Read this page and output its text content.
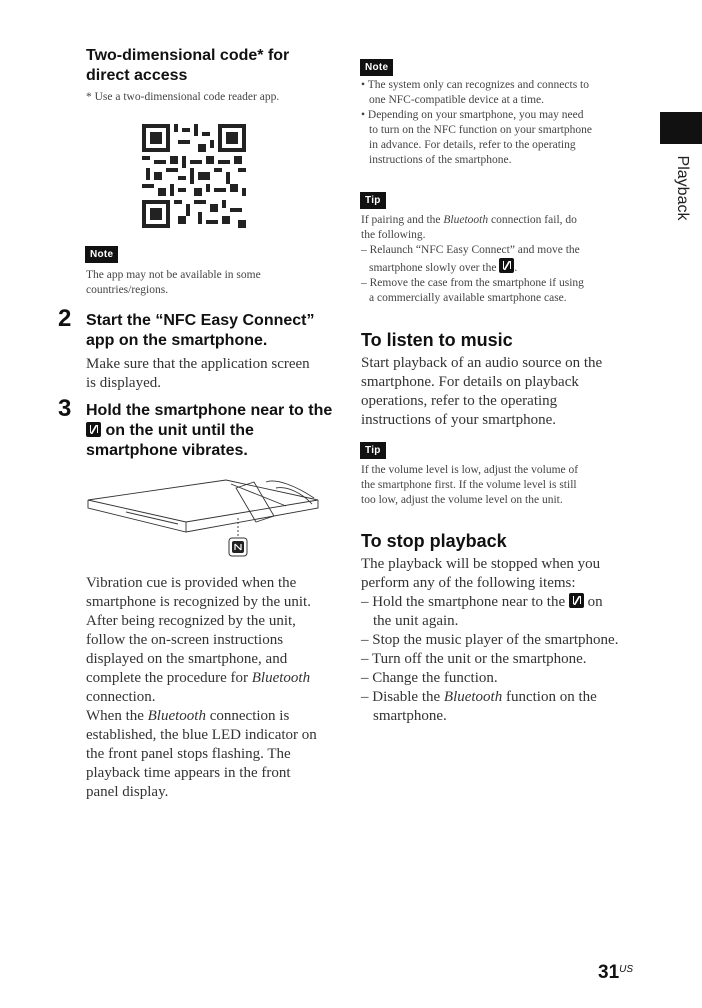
Two-dimensional code* for
direct access
* Use a two-dimensional code reader app.
Note
The app may not be available in some
countries/regions.
2 Start the “NFC Easy Connect”
app on the smartphone.
Make sure that the application screen
is displayed.
3 Hold the smartphone near to the
on the unit until the
smartphone vibrates.
Vibration cue is provided when the
smartphone is recognized by the unit.
After being recognized by the unit,
follow the on-screen instructions
displayed on the smartphone, and
complete the procedure for Bluetooth
connection.
When the Bluetooth connection is
established, the blue LED indicator on
the front panel stops flashing. The
playback time appears in the front
panel display.
Note
• The system only can recognizes and connects to
one NFC-compatible device at a time.
• Depending on your smartphone, you may need
to turn on the NFC function on your smartphone
in advance. For details, refer to the operating
instructions of the smartphone.
Tip
If pairing and the Bluetooth connection fail, do
the following.
– Relaunch “NFC Easy Connect” and move the
smartphone slowly over the .
– Remove the case from the smartphone if using
a commercially available smartphone case.
To listen to music
Start playback of an audio source on the
smartphone. For details on playback
operations, refer to the operating
instructions of your smartphone.
Tip
If the volume level is low, adjust the volume of
the smartphone first. If the volume level is still
too low, adjust the volume level on the unit.
To stop playback
The playback will be stopped when you
perform any of the following items:
– Hold the smartphone near to the on
the unit again.
– Stop the music player of the smartphone.
– Turn off the unit or the smartphone.
– Change the function.
– Disable the Bluetooth function on the
smartphone.
Playback
$31^{US}$
